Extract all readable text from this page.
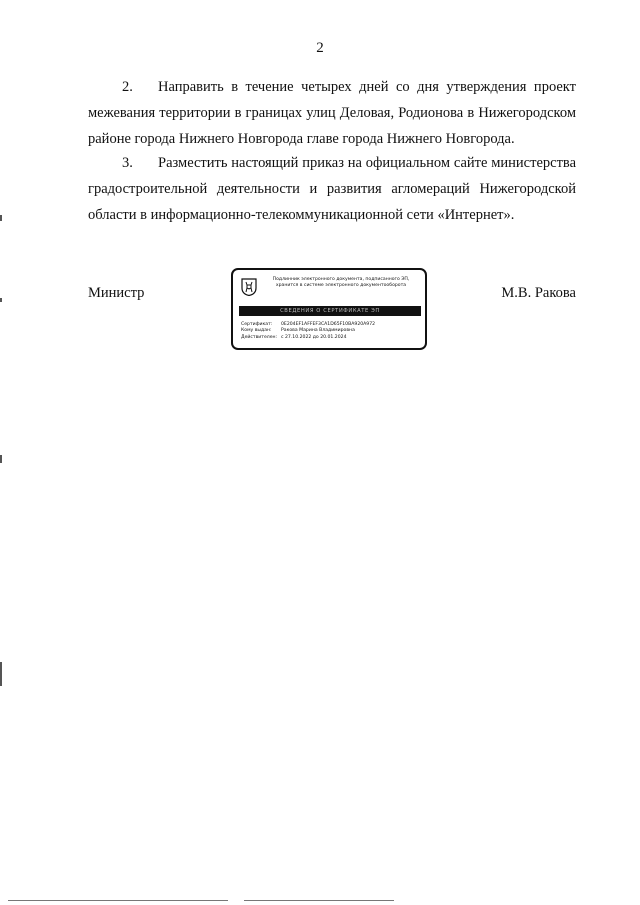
2
2. Направить в течение четырех дней со дня утверждения проект межевания территории в границах улиц Деловая, Родионова в Нижегородском районе города Нижнего Новгорода главе города Нижнего Новгорода.
3. Разместить настоящий приказ на официальном сайте министерства градостроительной деятельности и развития агломераций Нижегородской области в информационно-телекоммуникационной сети «Интернет».
Министр	М.В. Ракова
Подлинник электронного документа, подписанного ЭП,
хранится в системе электронного документооборота
СВЕДЕНИЯ О СЕРТИФИКАТЕ ЭП
Сертификат: 0E204EF1AFFEF3CA1D65F10BA920A972
Кому выдан: Ракова Марина Владимировна
Действителен: с 27.10.2022 до 20.01.2024
